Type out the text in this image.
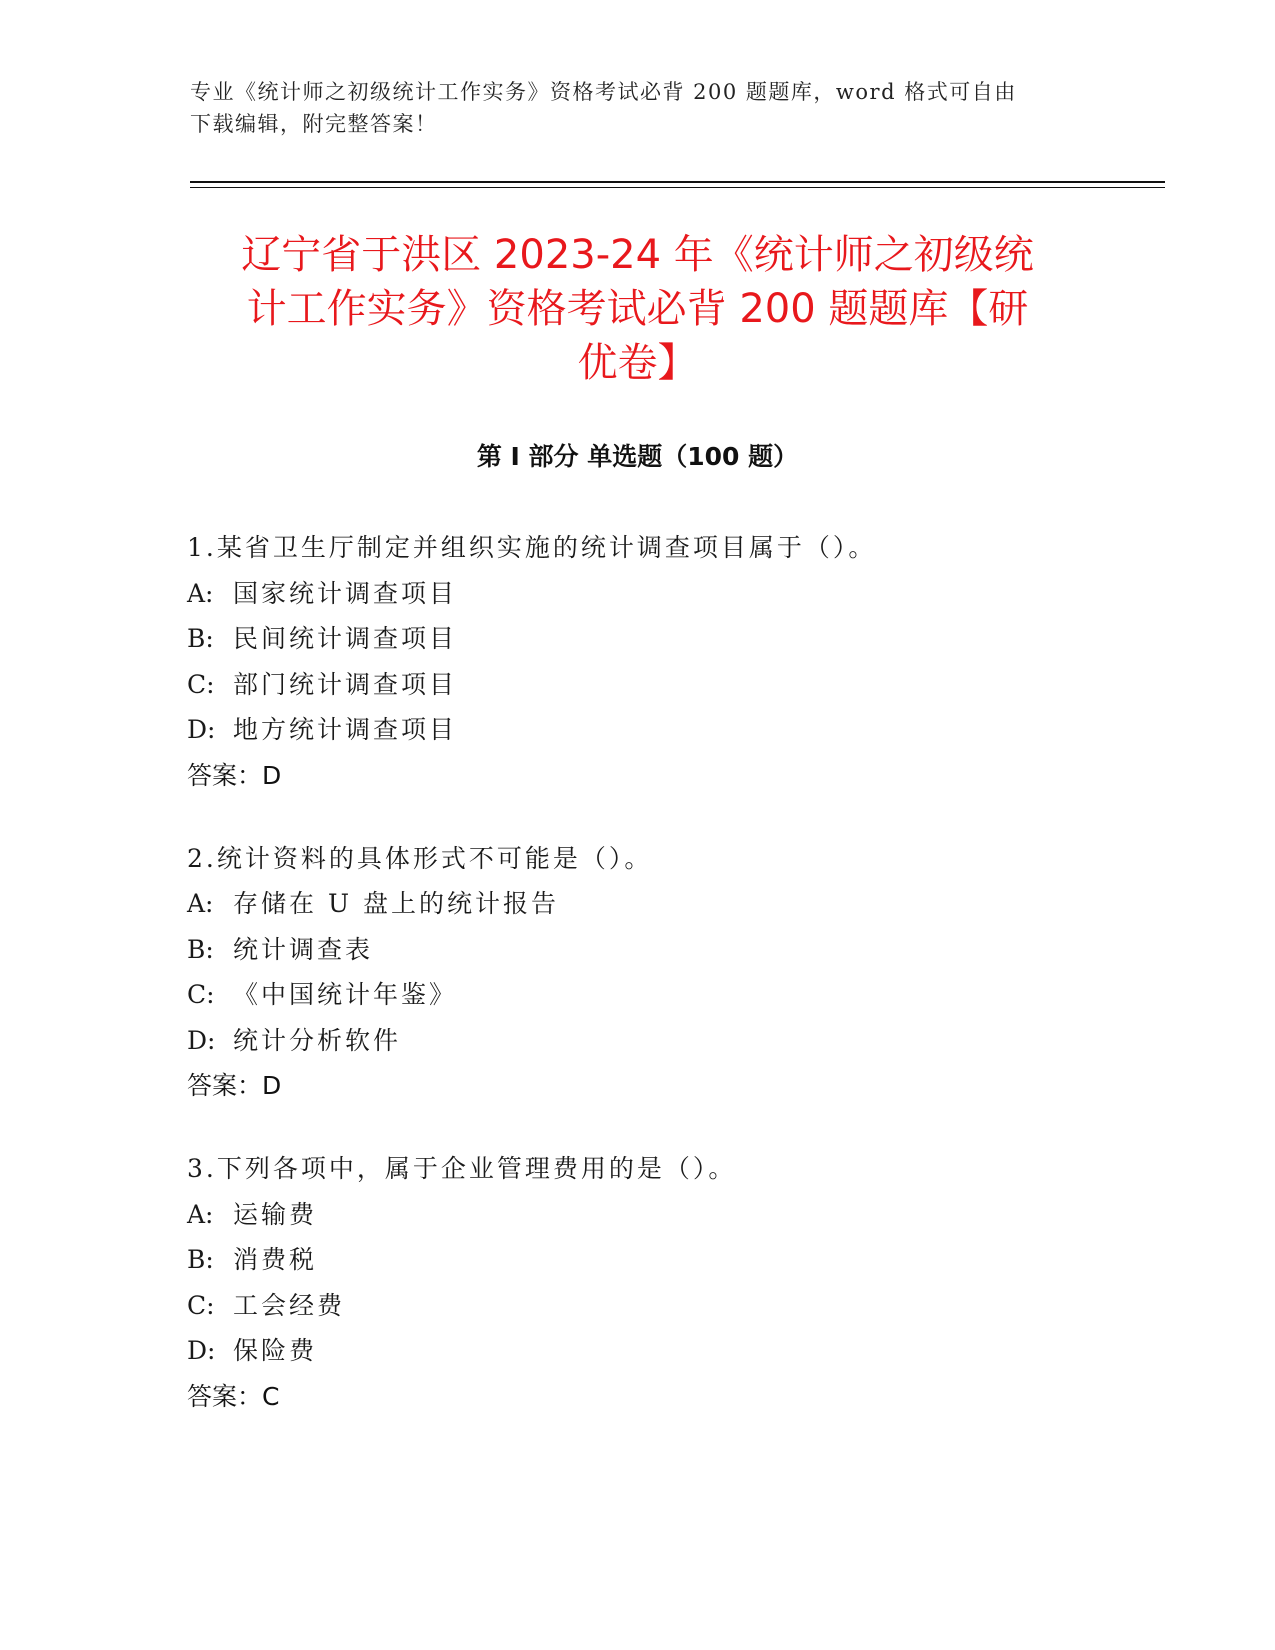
专业《统计师之初级统计工作实务》资格考试必背 200 题题库，word 格式可自由
下载编辑，附完整答案！
辽宁省于洪区 2023-24 年《统计师之初级统
计工作实务》资格考试必背 200 题题库【研
优卷】
第 I 部分 单选题（100 题）
1.某省卫生厅制定并组织实施的统计调查项目属于（）。
A: 国家统计调查项目
B: 民间统计调查项目
C: 部门统计调查项目
D: 地方统计调查项目
答案：D
2.统计资料的具体形式不可能是（）。
A: 存储在 U 盘上的统计报告
B: 统计调查表
C: 《中国统计年鉴》
D: 统计分析软件
答案：D
3.下列各项中，属于企业管理费用的是（）。
A: 运输费
B: 消费税
C: 工会经费
D: 保险费
答案：C
